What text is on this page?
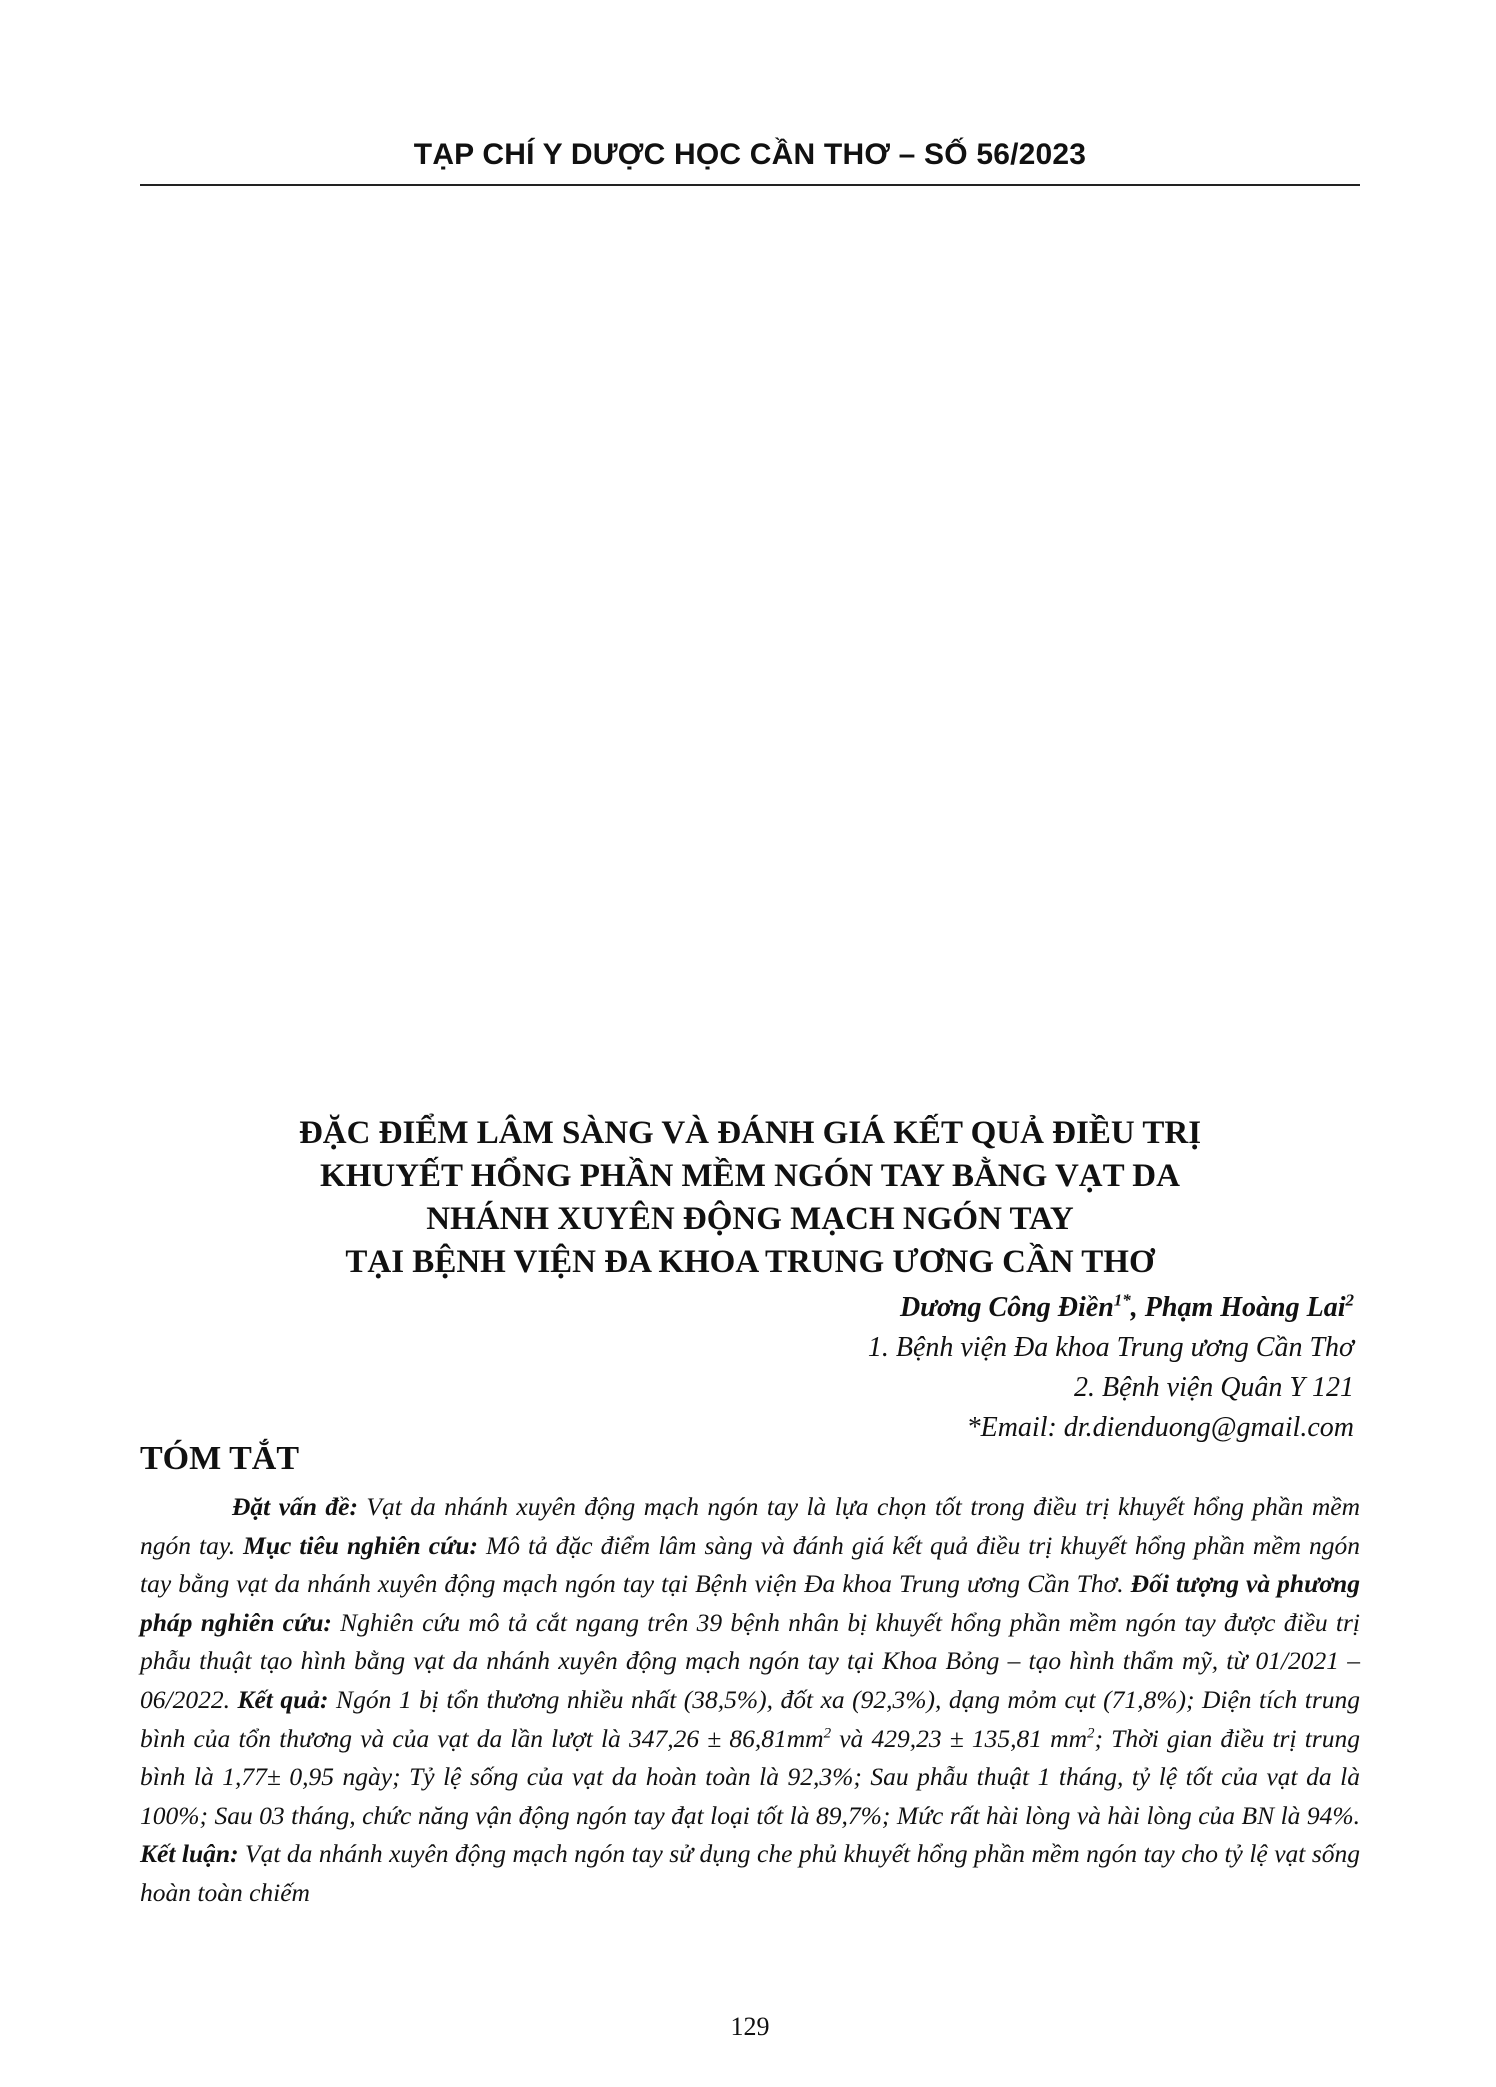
TẠP CHÍ Y DƯỢC HỌC CẦN THƠ – SỐ 56/2023
ĐẶC ĐIỂM LÂM SÀNG VÀ ĐÁNH GIÁ KẾT QUẢ ĐIỀU TRỊ
KHUYẾT HỔNG PHẦN MỀM NGÓN TAY BẰNG VẠT DA
NHÁNH XUYÊN ĐỘNG MẠCH NGÓN TAY
TẠI BỆNH VIỆN ĐA KHOA TRUNG ƯƠNG CẦN THƠ
Dương Công Điền$^{1*}$, Phạm Hoàng Lai$^2$
1. Bệnh viện Đa khoa Trung ương Cần Thơ
2. Bệnh viện Quân Y 121
*Email: dr.dienduong@gmail.com
TÓM TẮT
Đặt vấn đề: Vạt da nhánh xuyên động mạch ngón tay là lựa chọn tốt trong điều trị khuyết hổng phần mềm ngón tay. Mục tiêu nghiên cứu: Mô tả đặc điểm lâm sàng và đánh giá kết quả điều trị khuyết hổng phần mềm ngón tay bằng vạt da nhánh xuyên động mạch ngón tay tại Bệnh viện Đa khoa Trung ương Cần Thơ. Đối tượng và phương pháp nghiên cứu: Nghiên cứu mô tả cắt ngang trên 39 bệnh nhân bị khuyết hổng phần mềm ngón tay được điều trị phẫu thuật tạo hình bằng vạt da nhánh xuyên động mạch ngón tay tại Khoa Bỏng – tạo hình thẩm mỹ, từ 01/2021 – 06/2022. Kết quả: Ngón 1 bị tổn thương nhiều nhất (38,5%), đốt xa (92,3%), dạng mỏm cụt (71,8%); Diện tích trung bình của tổn thương và của vạt da lần lượt là $347,26 \pm 86,81mm^2$ và 429,23 ± 135,81 $mm^2$; Thời gian điều trị trung bình là 1,77± 0,95 ngày; Tỷ lệ sống của vạt da hoàn toàn là 92,3%; Sau phẫu thuật 1 tháng, tỷ lệ tốt của vạt da là 100%; Sau 03 tháng, chức năng vận động ngón tay đạt loại tốt là 89,7%; Mức rất hài lòng và hài lòng của BN là 94%. Kết luận: Vạt da nhánh xuyên động mạch ngón tay sử dụng che phủ khuyết hổng phần mềm ngón tay cho tỷ lệ vạt sống hoàn toàn chiếm
129
